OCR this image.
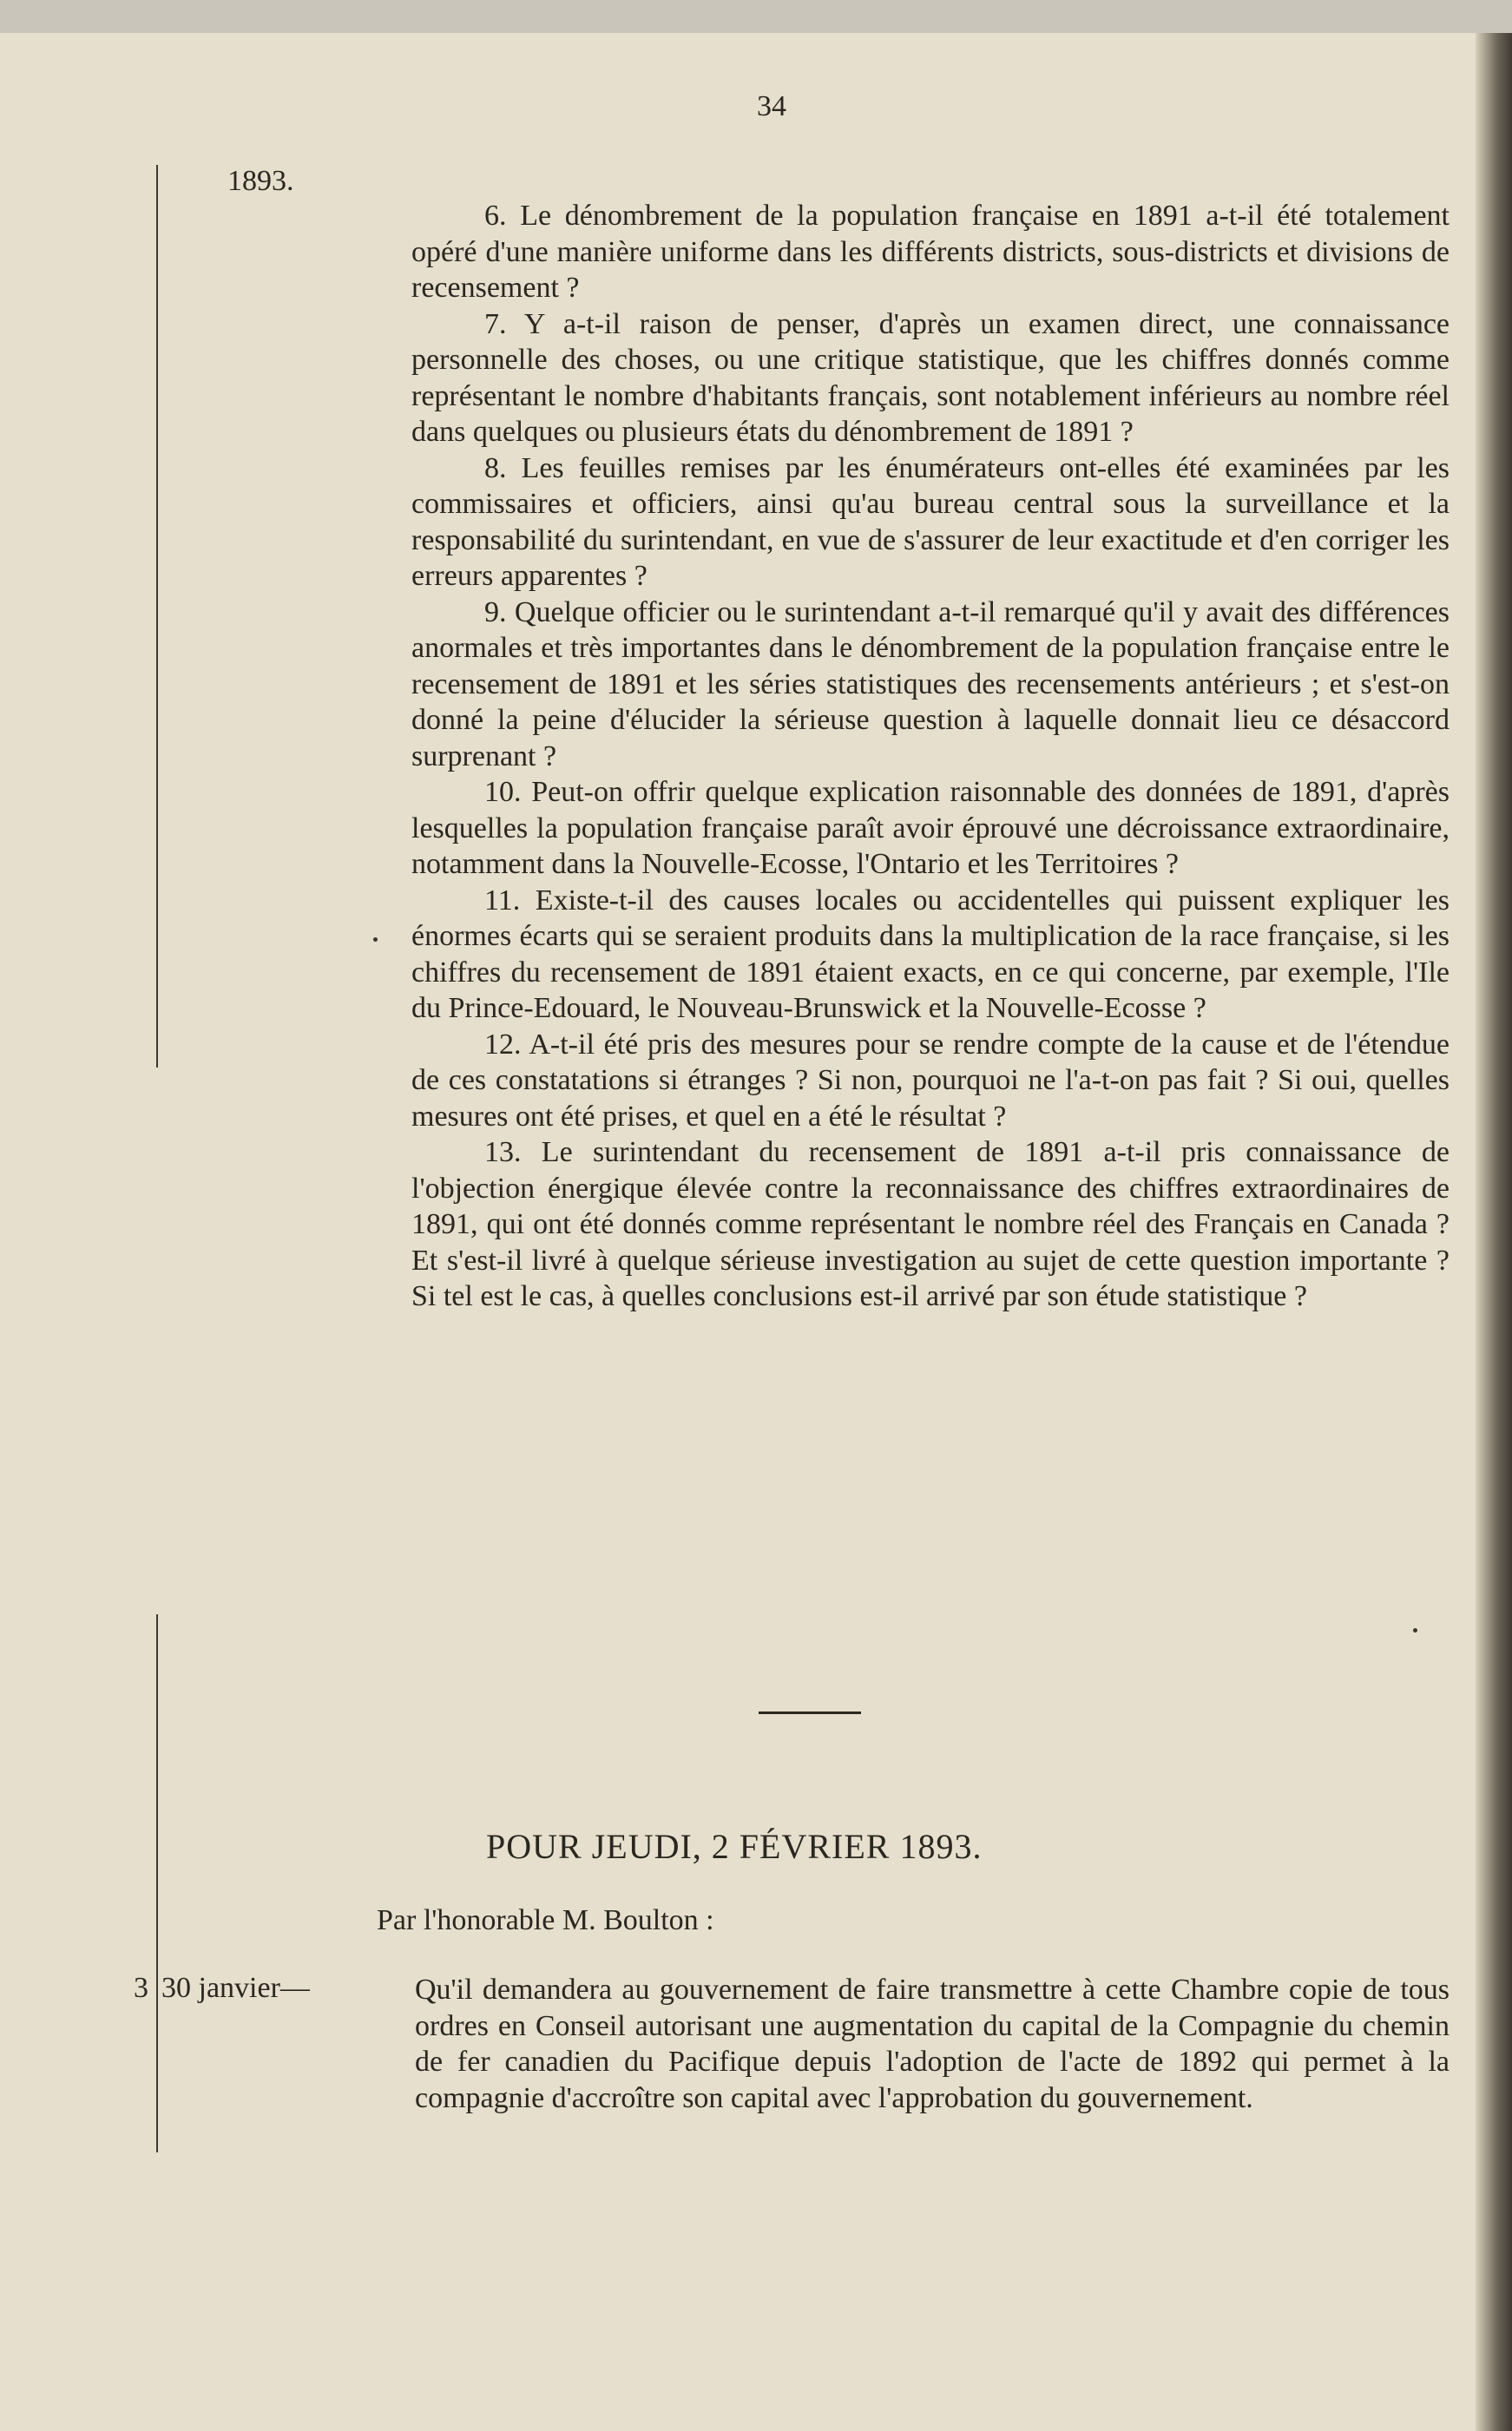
34
1893.

6. Le dénombrement de la population française en 1891 a-t-il été totalement opéré d'une manière uniforme dans les différents districts, sous-districts et divisions de recensement ?

7. Y a-t-il raison de penser, d'après un examen direct, une connaissance personnelle des choses, ou une critique statistique, que les chiffres donnés comme représentant le nombre d'habitants français, sont notablement inférieurs au nombre réel dans quelques ou plusieurs états du dénombrement de 1891 ?

8. Les feuilles remises par les énumérateurs ont-elles été examinées par les commissaires et officiers, ainsi qu'au bureau central sous la surveillance et la responsabilité du surintendant, en vue de s'assurer de leur exactitude et d'en corriger les erreurs apparentes ?

9. Quelque officier ou le surintendant a-t-il remarqué qu'il y avait des différences anormales et très importantes dans le dénombrement de la population française entre le recensement de 1891 et les séries statistiques des recensements antérieurs ; et s'est-on donné la peine d'élucider la sérieuse question à laquelle donnait lieu ce désaccord surprenant ?

10. Peut-on offrir quelque explication raisonnable des données de 1891, d'après lesquelles la population française paraît avoir éprouvé une décroissance extraordinaire, notamment dans la Nouvelle-Ecosse, l'Ontario et les Territoires ?

11. Existe-t-il des causes locales ou accidentelles qui puissent expliquer les énormes écarts qui se seraient produits dans la multiplication de la race française, si les chiffres du recensement de 1891 étaient exacts, en ce qui concerne, par exemple, l'Ile du Prince-Edouard, le Nouveau-Brunswick et la Nouvelle-Ecosse ?

12. A-t-il été pris des mesures pour se rendre compte de la cause et de l'étendue de ces constatations si étranges ? Si non, pourquoi ne l'a-t-on pas fait ? Si oui, quelles mesures ont été prises, et quel en a été le résultat ?

13. Le surintendant du recensement de 1891 a-t-il pris connaissance de l'objection énergique élevée contre la reconnaissance des chiffres extraordinaires de 1891, qui ont été donnés comme représentant le nombre réel des Français en Canada ? Et s'est-il livré à quelque sérieuse investigation au sujet de cette question importante ? Si tel est le cas, à quelles conclusions est-il arrivé par son étude statistique ?

POUR JEUDI, 2 FÉVRIER 1893.
Par l'honorable M. Boulton :
3 30 janvier—	Qu'il demandera au gouvernement de faire transmettre à cette Chambre copie de tous ordres en Conseil autorisant une augmentation du capital de la Compagnie du chemin de fer canadien du Pacifique depuis l'adoption de l'acte de 1892 qui permet à la compagnie d'accroître son capital avec l'approbation du gouvernement.
